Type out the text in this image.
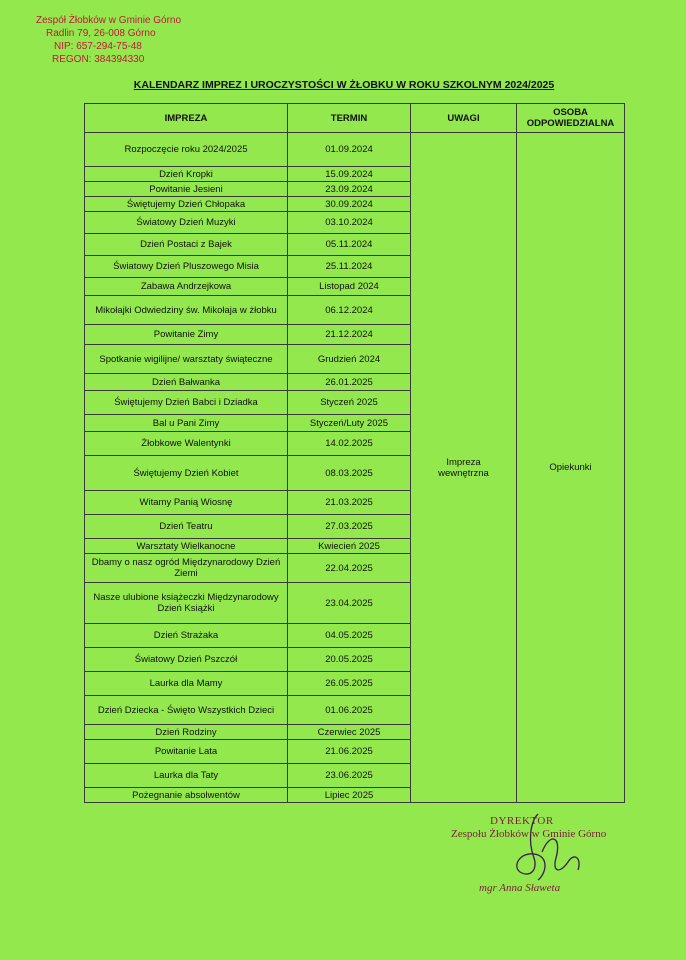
Zespół Żłobków w Gminie Górno
Radlin 79, 26-008 Górno
NIP: 657-294-75-48
REGON: 384394330
KALENDARZ IMPREZ I UROCZYSTOŚCI W ŻŁOBKU W ROKU SZKOLNYM 2024/2025
IMPREZA	TERMIN	UWAGI	OSOBA ODPOWIEDZIALNA
Rozpoczęcie roku 2024/2025	01.09.2024	Impreza wewnętrzna	Opiekunki
Dzień Kropki	15.09.2024		
Powitanie Jesieni	23.09.2024		
Świętujemy Dzień Chłopaka	30.09.2024		
Światowy Dzień Muzyki	03.10.2024		
Dzień Postaci z Bajek	05.11.2024		
Światowy Dzień Pluszowego Misia	25.11.2024		
Zabawa Andrzejkowa	Listopad 2024		
Mikołajki Odwiedziny św. Mikołaja w żłobku	06.12.2024		
Powitanie Zimy	21.12.2024		
Spotkanie wigilijne/ warsztaty świąteczne	Grudzień 2024		
Dzień Bałwanka	26.01.2025		
Świętujemy Dzień Babci i Dziadka	Styczeń 2025		
Bal u Pani Zimy	Styczeń/Luty 2025		
Żłobkowe Walentynki	14.02.2025		
Świętujemy Dzień Kobiet	08.03.2025		
Witamy Panią Wiosnę	21.03.2025		
Dzień Teatru	27.03.2025		
Warsztaty Wielkanocne	Kwiecień 2025		
Dbamy o nasz ogród Międzynarodowy Dzień Ziemi	22.04.2025		
Nasze ulubione książeczki Międzynarodowy Dzień Książki	23.04.2025		
Dzień Strażaka	04.05.2025		
Światowy Dzień Pszczół	20.05.2025		
Laurka dla Mamy	26.05.2025		
Dzień Dziecka - Święto Wszystkich Dzieci	01.06.2025		
Dzień Rodziny	Czerwiec 2025		
Powitanie Lata	21.06.2025		
Laurka dla Taty	23.06.2025		
Pożegnanie absolwentów	Lipiec 2025		
DYREKTOR
Zespołu Żłobków w Gminie Górno
mgr Anna Sławeta
